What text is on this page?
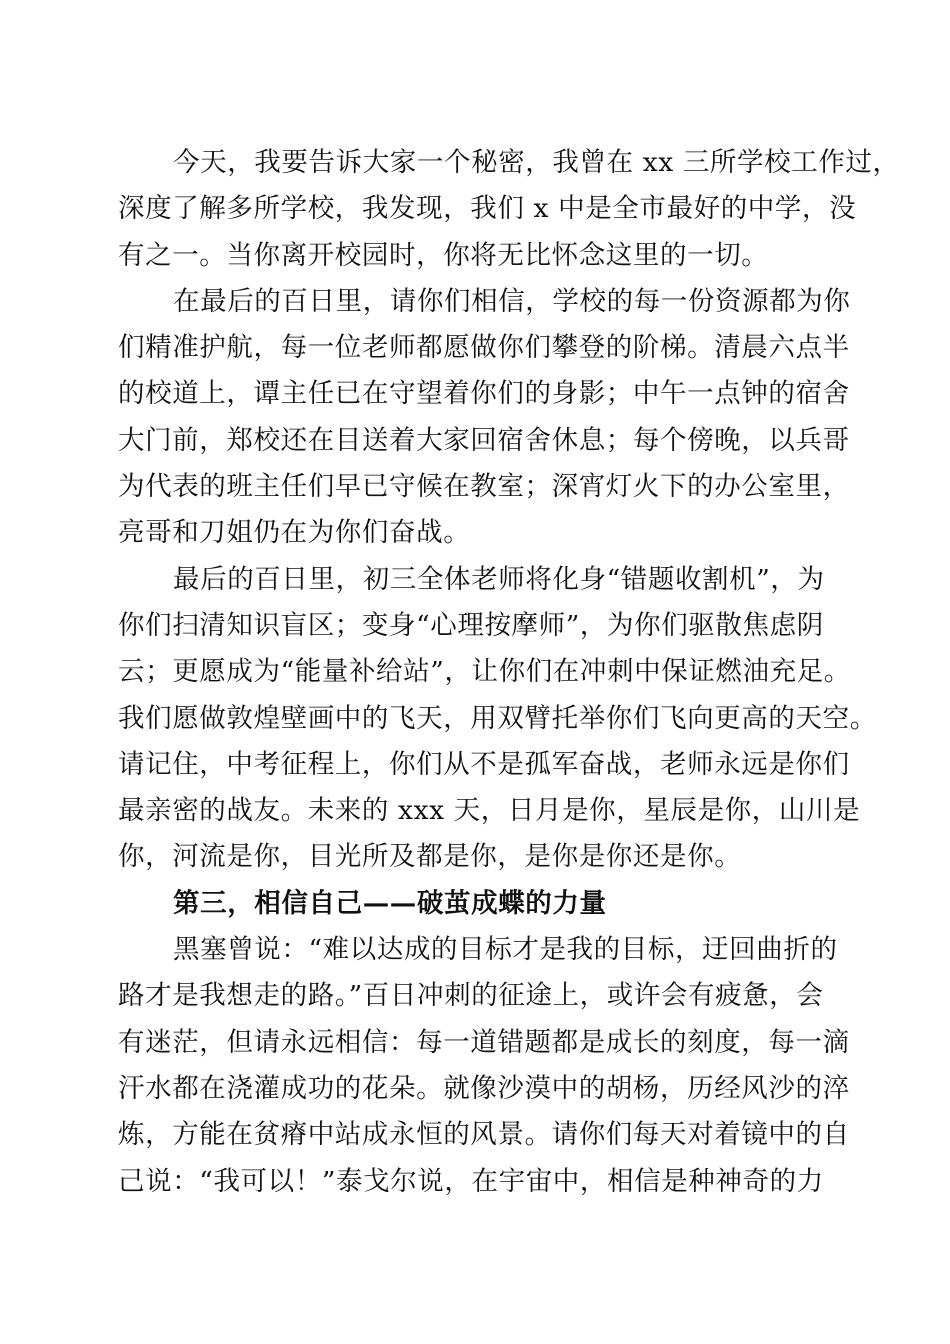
今天，我要告诉大家一个秘密，我曾在 xx 三所学校工作过，
深度了解多所学校，我发现，我们 x 中是全市最好的中学，没
有之一。当你离开校园时，你将无比怀念这里的一切。
在最后的百日里，请你们相信，学校的每一份资源都为你
们精准护航，每一位老师都愿做你们攀登的阶梯。清晨六点半
的校道上，谭主任已在守望着你们的身影；中午一点钟的宿舍
大门前，郑校还在目送着大家回宿舍休息；每个傍晚，以兵哥
为代表的班主任们早已守候在教室；深宵灯火下的办公室里，
亮哥和刀姐仍在为你们奋战。
最后的百日里，初三全体老师将化身“错题收割机”，为
你们扫清知识盲区；变身“心理按摩师”，为你们驱散焦虑阴
云；更愿成为“能量补给站”，让你们在冲刺中保证燃油充足。
我们愿做敦煌壁画中的飞天，用双臂托举你们飞向更高的天空。
请记住，中考征程上，你们从不是孤军奋战，老师永远是你们
最亲密的战友。未来的 xxx 天，日月是你，星辰是你，山川是
你，河流是你，目光所及都是你，是你是你还是你。
第三，相信自己——破茧成蝶的力量
黑塞曾说：“难以达成的目标才是我的目标，迂回曲折的
路才是我想走的路。”百日冲刺的征途上，或许会有疲惫，会
有迷茫，但请永远相信：每一道错题都是成长的刻度，每一滴
汗水都在浇灌成功的花朵。就像沙漠中的胡杨，历经风沙的淬
炼，方能在贫瘠中站成永恒的风景。请你们每天对着镜中的自
己说：“我可以！”泰戈尔说，在宇宙中，相信是种神奇的力
